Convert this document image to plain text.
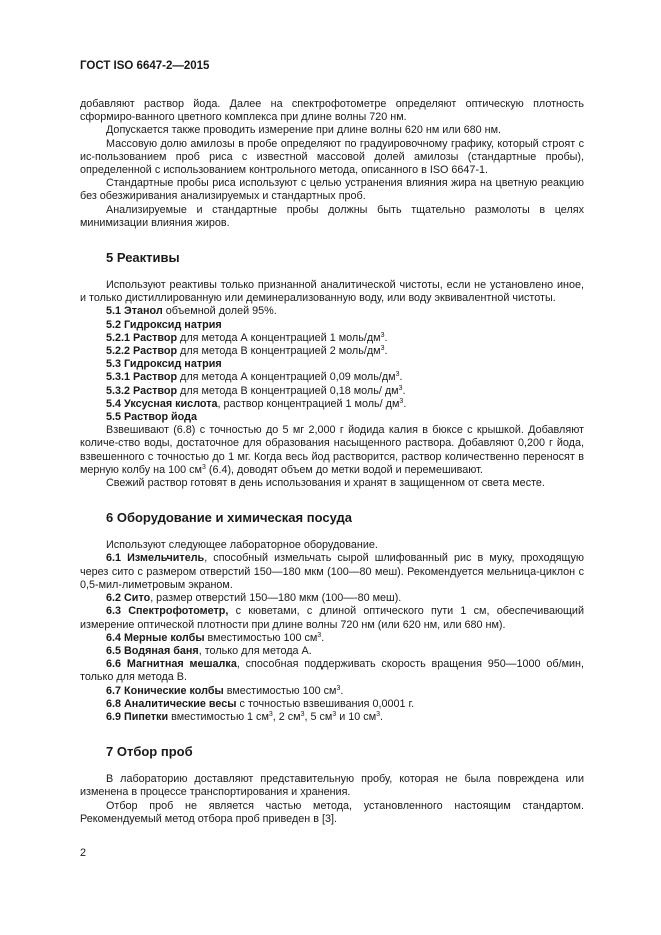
ГОСТ ISO 6647-2—2015

добавляют раствор йода. Далее на спектрофотометре определяют оптическую плотность сформиро-ванного цветного комплекса при длине волны 720 нм.

Допускается также проводить измерение при длине волны 620 нм или 680 нм.

Массовую долю амилозы в пробе определяют по градуировочному графику, который строят с ис-пользованием проб риса с известной массовой долей амилозы (стандартные пробы), определенной с использованием контрольного метода, описанного в ISO 6647-1.

Стандартные пробы риса используют с целью устранения влияния жира на цветную реакцию без обезжиривания анализируемых и стандартных проб.

Анализируемые и стандартные пробы должны быть тщательно размолоты в целях минимизации влияния жиров.

5 Реактивы

Используют реактивы только признанной аналитической чистоты, если не установлено иное, и только дистиллированную или деминерализованную воду, или воду эквивалентной чистоты.

5.1 Этанол объемной долей 95%.

5.2 Гидроксид натрия

5.2.1 Раствор для метода А концентрацией 1 моль/$дм^3$.

5.2.2 Раствор для метода В концентрацией 2 моль/$дм^3$.

5.3 Гидроксид натрия

5.3.1 Раствор для метода А концентрацией 0,09 моль/$дм^3$.

5.3.2 Раствор для метода В концентрацией 0,18 моль/ $дм^3$.

5.4 Уксусная кислота, раствор концентрацией 1 моль/ $дм^3$.

5.5 Раствор йода

Взвешивают (6.8) с точностью до 5 мг 2,000 г йодида калия в бюксе с крышкой. Добавляют количе-ство воды, достаточное для образования насыщенного раствора. Добавляют 0,200 г йода, взвешенного с точностью до 1 мг. Когда весь йод растворится, раствор количественно переносят в мерную колбу на 100 $см^3$ (6.4), доводят объем до метки водой и перемешивают.

Свежий раствор готовят в день использования и хранят в защищенном от света месте.

6 Оборудование и химическая посуда

Используют следующее лабораторное оборудование.

6.1 Измельчитель, способный измельчать сырой шлифованный рис в муку, проходящую через сито с размером отверстий 150—180 мкм (100—80 меш). Рекомендуется мельница-циклон с 0,5-мил-лиметровым экраном.

6.2 Сито, размер отверстий 150—180 мкм (100—-80 меш).

6.3 Спектрофотометр, с кюветами, с длиной оптического пути 1 см, обеспечивающий измерение оптической плотности при длине волны 720 нм (или 620 нм, или 680 нм).

6.4 Мерные колбы вместимостью 100 $см^3$.

6.5 Водяная баня, только для метода А.

6.6 Магнитная мешалка, способная поддерживать скорость вращения 950—1000 об/мин, только для метода В.

6.7 Конические колбы вместимостью 100 $см^3$.

6.8 Аналитические весы с точностью взвешивания 0,0001 г.

6.9 Пипетки вместимостью 1 $см^3$, 2 $см^3$, 5 $см^3$ и 10 $см^3$.

7 Отбор проб

В лабораторию доставляют представительную пробу, которая не была повреждена или изменена в процессе транспортирования и хранения.

Отбор проб не является частью метода, установленного настоящим стандартом. Рекомендуемый метод отбора проб приведен в [3].

2
